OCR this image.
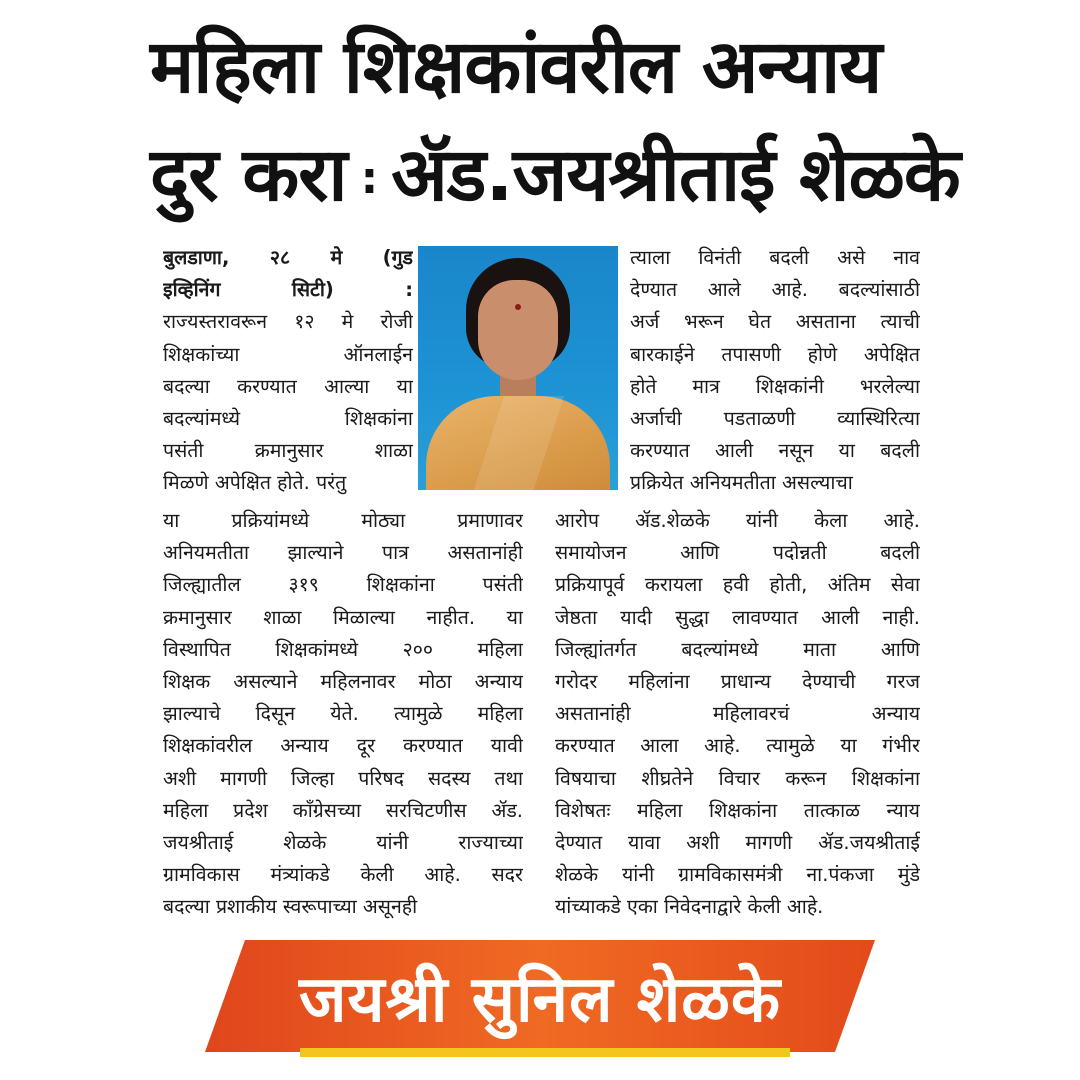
महिला शिक्षकांवरील अन्याय
दुर करा : ॲड.जयश्रीताई शेळके
बुलडाणा, २८ मे (गुड
इव्हिनिंग सिटी) :
राज्यस्तरावरून १२ मे रोजी
शिक्षकांच्या ऑनलाईन
बदल्या करण्यात आल्या या
बदल्यांमध्ये शिक्षकांना
पसंती क्रमानुसार शाळा
मिळणे अपेक्षित होते. परंतु
त्याला विनंती बदली असे नाव
देण्यात आले आहे. बदल्यांसाठी
अर्ज भरून घेत असताना त्याची
बारकाईने तपासणी होणे अपेक्षित
होते मात्र शिक्षकांनी भरलेल्या
अर्जाची पडताळणी व्यास्थिरित्या
करण्यात आली नसून या बदली
प्रक्रियेत अनियमतीता असल्याचा
या प्रक्रियांमध्ये मोठ्या प्रमाणावर
अनियमतीता झाल्याने पात्र असतानांही
जिल्ह्यातील ३१९ शिक्षकांना पसंती
क्रमानुसार शाळा मिळाल्या नाहीत. या
विस्थापित शिक्षकांमध्ये २०० महिला
शिक्षक असल्याने महिलनावर मोठा अन्याय
झाल्याचे दिसून येते. त्यामुळे महिला
शिक्षकांवरील अन्याय दूर करण्यात यावी
अशी मागणी जिल्हा परिषद सदस्य तथा
महिला प्रदेश कॉंग्रेसच्या सरचिटणीस ॲड.
जयश्रीताई शेळके यांनी राज्याच्या
ग्रामविकास मंत्र्यांकडे केली आहे. सदर
बदल्या प्रशाकीय स्वरूपाच्या असूनही
आरोप ॲड.शेळके यांनी केला आहे.
समायोजन आणि पदोन्नती बदली
प्रक्रियापूर्व करायला हवी होती, अंतिम सेवा
जेष्ठता यादी सुद्धा लावण्यात आली नाही.
जिल्ह्यांतर्गत बदल्यांमध्ये माता आणि
गरोदर महिलांना प्राधान्य देण्याची गरज
असतानांही महिलावरचं अन्याय
करण्यात आला आहे. त्यामुळे या गंभीर
विषयाचा शीघ्रतेने विचार करून शिक्षकांना
विशेषतः महिला शिक्षकांना तात्काळ न्याय
देण्यात यावा अशी मागणी ॲड.जयश्रीताई
शेळके यांनी ग्रामविकासमंत्री ना.पंकजा मुंडे
यांच्याकडे एका निवेदनाद्वारे केली आहे.
जयश्री सुनिल शेळके
